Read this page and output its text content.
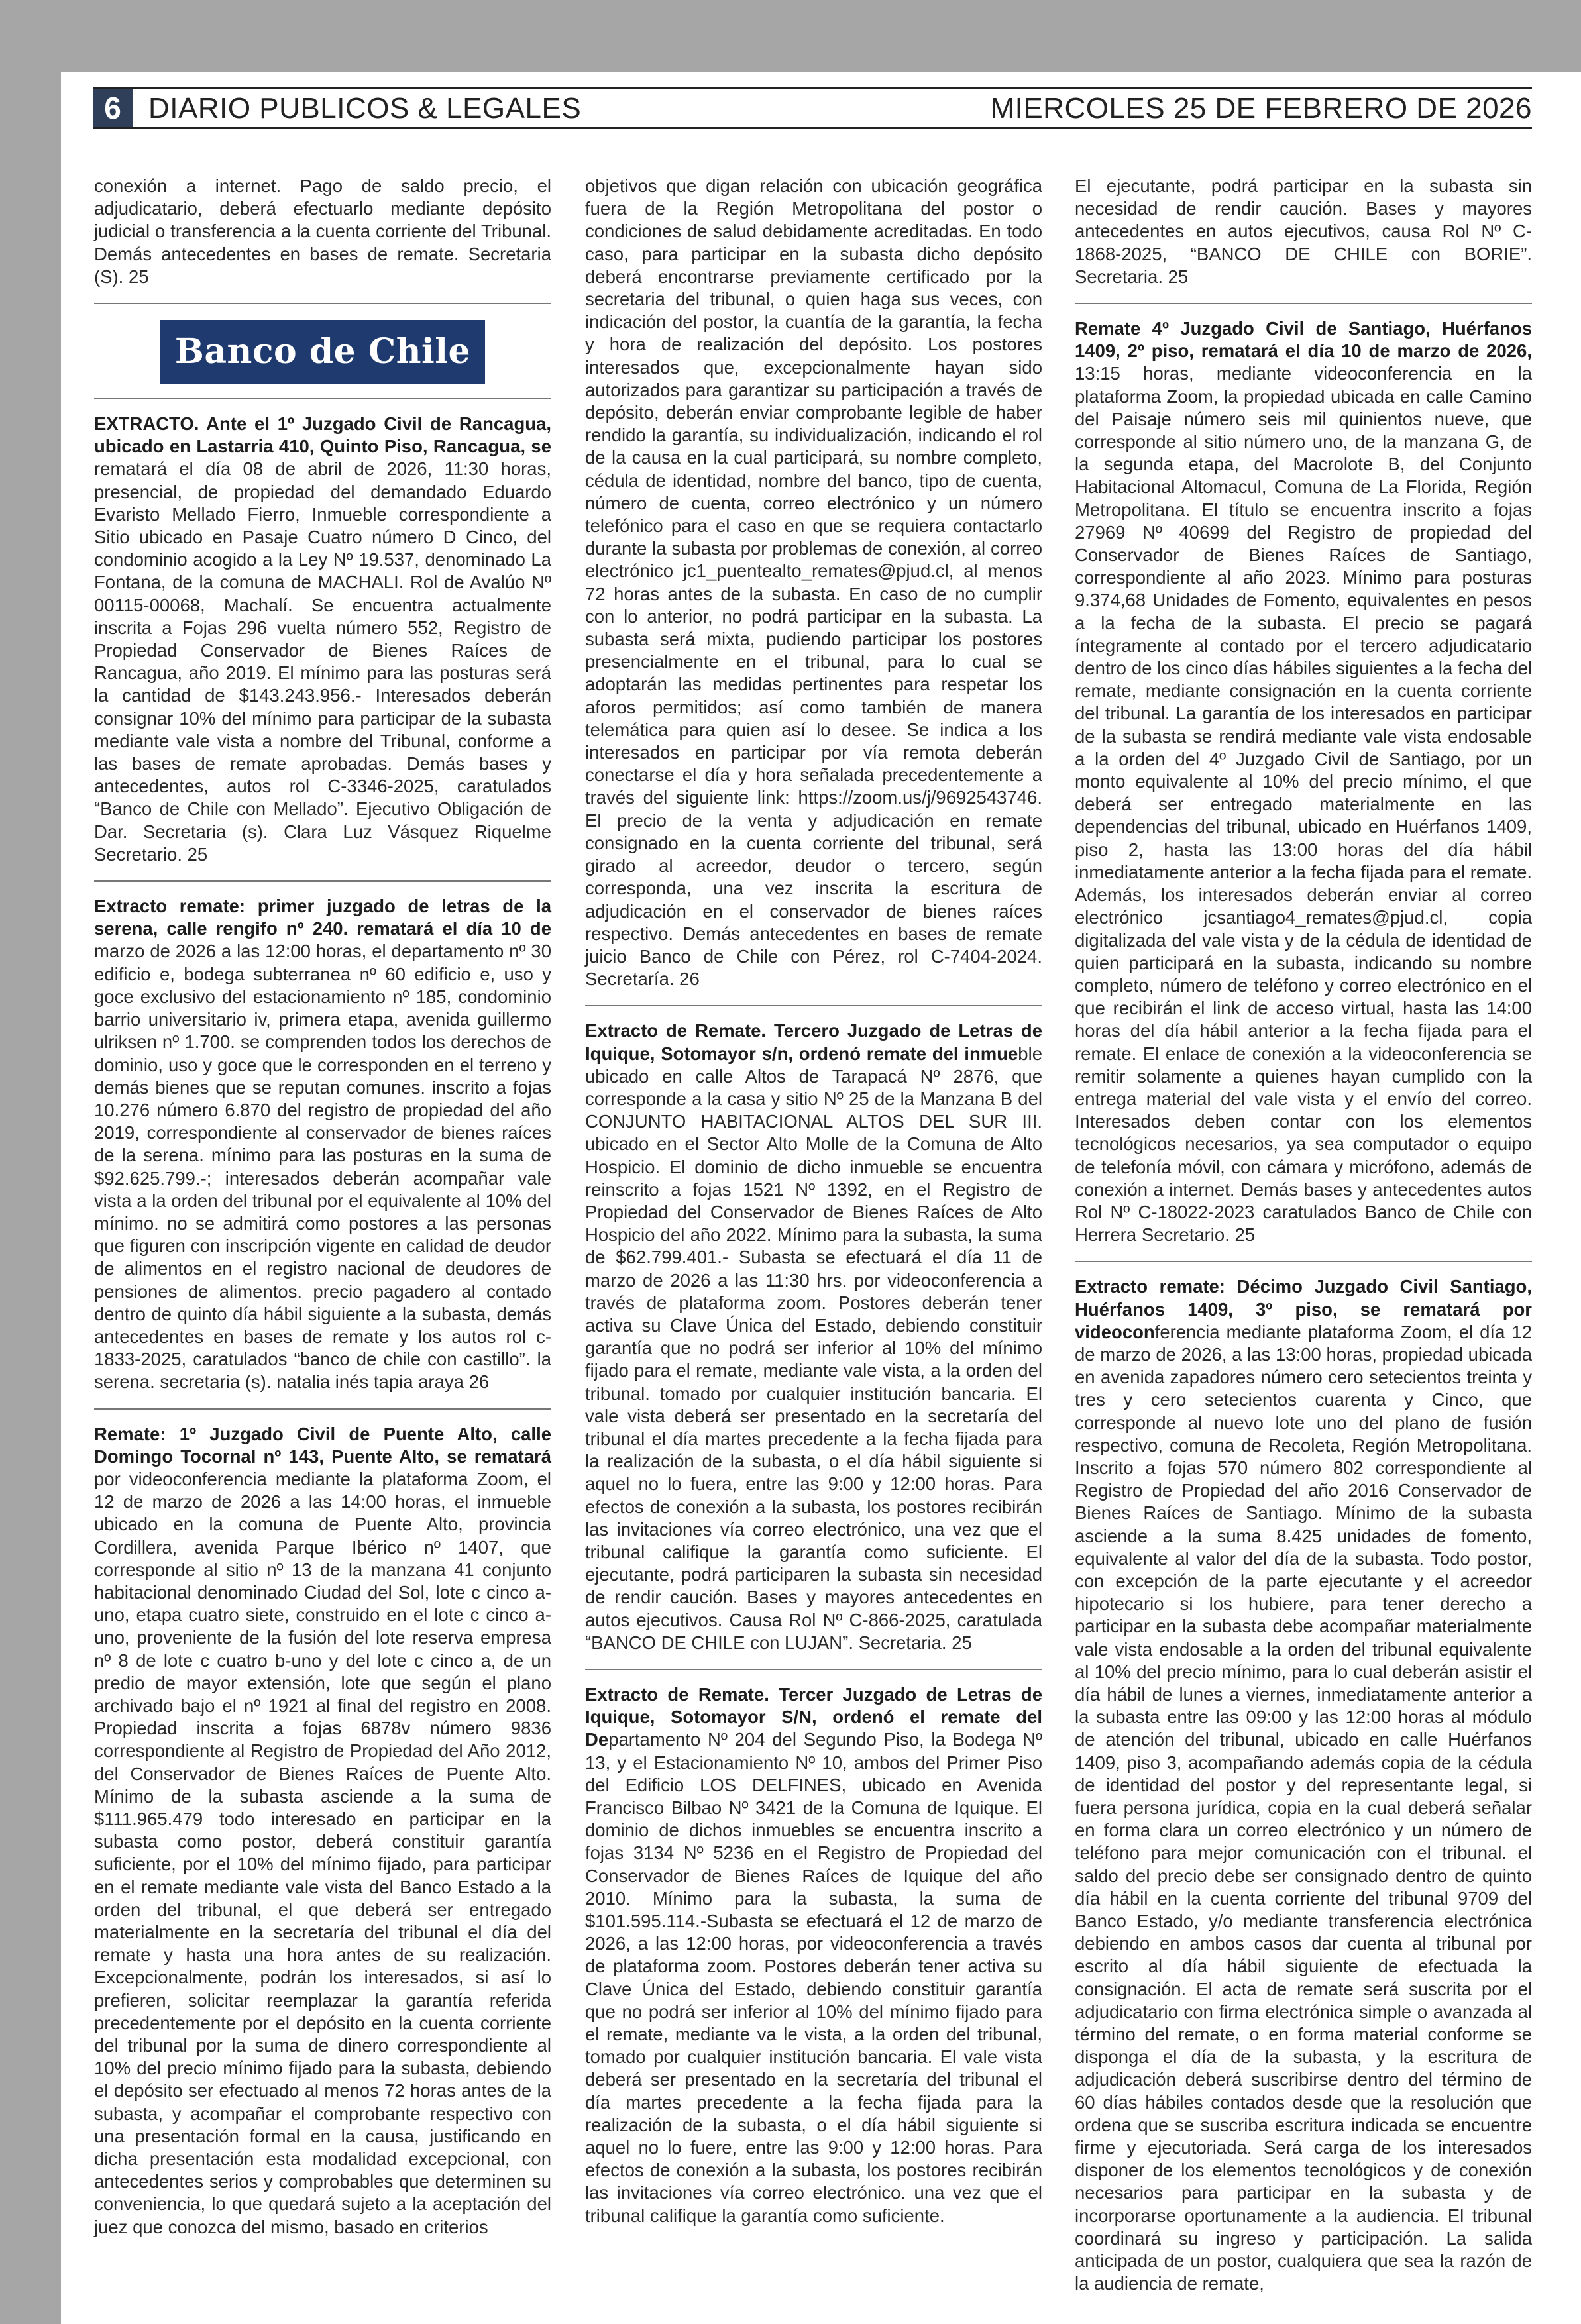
6 DIARIO PUBLICOS & LEGALES	MIERCOLES 25 DE FEBRERO DE 2026

conexión a internet. Pago de saldo precio, el adjudicatario, deberá efectuarlo mediante depósito judicial o transferencia a la cuenta corriente del Tribunal. Demás antecedentes en bases de remate. Secretaria (S). 25

Banco de Chile

EXTRACTO. Ante el 1º Juzgado Civil de Rancagua, ubicado en Lastarria 410, Quinto Piso, Rancagua, se rematará el día 08 de abril de 2026, 11:30 horas, presencial, de propiedad del demandado Eduardo Evaristo Mellado Fierro, Inmueble correspondiente a Sitio ubicado en Pasaje Cuatro número D Cinco, del condominio acogido a la Ley Nº 19.537, denominado La Fontana, de la comuna de MACHALI. Rol de Avalúo Nº 00115-00068, Machalí. Se encuentra actualmente inscrita a Fojas 296 vuelta número 552, Registro de Propiedad Conservador de Bienes Raíces de Rancagua, año 2019. El mínimo para las posturas será la cantidad de $143.243.956.- Interesados deberán consignar 10% del mínimo para participar de la subasta mediante vale vista a nombre del Tribunal, conforme a las bases de remate aprobadas. Demás bases y antecedentes, autos rol C-3346-2025, caratulados “Banco de Chile con Mellado”. Ejecutivo Obligación de Dar. Secretaria (s). Clara Luz Vásquez Riquelme Secretario. 25

Extracto remate: primer juzgado de letras de la serena, calle rengifo nº 240. rematará el día 10 de marzo de 2026 a las 12:00 horas, el departamento nº 30 edificio e, bodega subterranea nº 60 edificio e, uso y goce exclusivo del estacionamiento nº 185, condominio barrio universitario iv, primera etapa, avenida guillermo ulriksen nº 1.700. se comprenden todos los derechos de dominio, uso y goce que le corresponden en el terreno y demás bienes que se reputan comunes. inscrito a fojas 10.276 número 6.870 del registro de propiedad del año 2019, correspondiente al conservador de bienes raíces de la serena. mínimo para las posturas en la suma de $92.625.799.-; interesados deberán acompañar vale vista a la orden del tribunal por el equivalente al 10% del mínimo. no se admitirá como postores a las personas que figuren con inscripción vigente en calidad de deudor de alimentos en el registro nacional de deudores de pensiones de alimentos. precio pagadero al contado dentro de quinto día hábil siguiente a la subasta, demás antecedentes en bases de remate y los autos rol c-1833-2025, caratulados “banco de chile con castillo”. la serena. secretaria (s). natalia inés tapia araya 26

Remate: 1º Juzgado Civil de Puente Alto, calle Domingo Tocornal nº 143, Puente Alto, se rematará por videoconferencia mediante la plataforma Zoom, el 12 de marzo de 2026 a las 14:00 horas, el inmueble ubicado en la comuna de Puente Alto, provincia Cordillera, avenida Parque Ibérico nº 1407, que corresponde al sitio nº 13 de la manzana 41 conjunto habitacional denominado Ciudad del Sol, lote c cinco a-uno, etapa cuatro siete, construido en el lote c cinco a-uno, proveniente de la fusión del lote reserva empresa nº 8 de lote c cuatro b-uno y del lote c cinco a, de un predio de mayor extensión, lote que según el plano archivado bajo el nº 1921 al final del registro en 2008. Propiedad inscrita a fojas 6878v número 9836 correspondiente al Registro de Propiedad del Año 2012, del Conservador de Bienes Raíces de Puente Alto. Mínimo de la subasta asciende a la suma de $111.965.479 todo interesado en participar en la subasta como postor, deberá constituir garantía suficiente, por el 10% del mínimo fijado, para participar en el remate mediante vale vista del Banco Estado a la orden del tribunal, el que deberá ser entregado materialmente en la secretaría del tribunal el día del remate y hasta una hora antes de su realización. Excepcionalmente, podrán los interesados, si así lo prefieren, solicitar reemplazar la garantía referida precedentemente por el depósito en la cuenta corriente del tribunal por la suma de dinero correspondiente al 10% del precio mínimo fijado para la subasta, debiendo el depósito ser efectuado al menos 72 horas antes de la subasta, y acompañar el comprobante respectivo con una presentación formal en la causa, justificando en dicha presentación esta modalidad excepcional, con antecedentes serios y comprobables que determinen su conveniencia, lo que quedará sujeto a la aceptación del juez que conozca del mismo, basado en criterios

objetivos que digan relación con ubicación geográfica fuera de la Región Metropolitana del postor o condiciones de salud debidamente acreditadas. En todo caso, para participar en la subasta dicho depósito deberá encontrarse previamente certificado por la secretaria del tribunal, o quien haga sus veces, con indicación del postor, la cuantía de la garantía, la fecha y hora de realización del depósito. Los postores interesados que, excepcionalmente hayan sido autorizados para garantizar su participación a través de depósito, deberán enviar comprobante legible de haber rendido la garantía, su individualización, indicando el rol de la causa en la cual participará, su nombre completo, cédula de identidad, nombre del banco, tipo de cuenta, número de cuenta, correo electrónico y un número telefónico para el caso en que se requiera contactarlo durante la subasta por problemas de conexión, al correo electrónico jc1_puentealto_remates@pjud.cl, al menos 72 horas antes de la subasta. En caso de no cumplir con lo anterior, no podrá participar en la subasta. La subasta será mixta, pudiendo participar los postores presencialmente en el tribunal, para lo cual se adoptarán las medidas pertinentes para respetar los aforos permitidos; así como también de manera telemática para quien así lo desee. Se indica a los interesados en participar por vía remota deberán conectarse el día y hora señalada precedentemente a través del siguiente link: https://zoom.us/j/9692543746. El precio de la venta y adjudicación en remate consignado en la cuenta corriente del tribunal, será girado al acreedor, deudor o tercero, según corresponda, una vez inscrita la escritura de adjudicación en el conservador de bienes raíces respectivo. Demás antecedentes en bases de remate juicio Banco de Chile con Pérez, rol C-7404-2024. Secretaría. 26

Extracto de Remate. Tercero Juzgado de Letras de Iquique, Sotomayor s/n, ordenó remate del inmueble ubicado en calle Altos de Tarapacá Nº 2876, que corresponde a la casa y sitio Nº 25 de la Manzana B del CONJUNTO HABITACIONAL ALTOS DEL SUR III. ubicado en el Sector Alto Molle de la Comuna de Alto Hospicio. El dominio de dicho inmueble se encuentra reinscrito a fojas 1521 Nº 1392, en el Registro de Propiedad del Conservador de Bienes Raíces de Alto Hospicio del año 2022. Mínimo para la subasta, la suma de $62.799.401.- Subasta se efectuará el día 11 de marzo de 2026 a las 11:30 hrs. por videoconferencia a través de plataforma zoom. Postores deberán tener activa su Clave Única del Estado, debiendo constituir garantía que no podrá ser inferior al 10% del mínimo fijado para el remate, mediante vale vista, a la orden del tribunal. tomado por cualquier institución bancaria. El vale vista deberá ser presentado en la secretaría del tribunal el día martes precedente a la fecha fijada para la realización de la subasta, o el día hábil siguiente si aquel no lo fuera, entre las 9:00 y 12:00 horas. Para efectos de conexión a la subasta, los postores recibirán las invitaciones vía correo electrónico, una vez que el tribunal califique la garantía como suficiente. El ejecutante, podrá participaren la subasta sin necesidad de rendir caución. Bases y mayores antecedentes en autos ejecutivos. Causa Rol Nº C-866-2025, caratulada “BANCO DE CHILE con LUJAN”. Secretaria. 25

Extracto de Remate. Tercer Juzgado de Letras de Iquique, Sotomayor S/N, ordenó el remate del Departamento Nº 204 del Segundo Piso, la Bodega Nº 13, y el Estacionamiento Nº 10, ambos del Primer Piso del Edificio LOS DELFINES, ubicado en Avenida Francisco Bilbao Nº 3421 de la Comuna de Iquique. El dominio de dichos inmuebles se encuentra inscrito a fojas 3134 Nº 5236 en el Registro de Propiedad del Conservador de Bienes Raíces de Iquique del año 2010. Mínimo para la subasta, la suma de $101.595.114.-Subasta se efectuará el 12 de marzo de 2026, a las 12:00 horas, por videoconferencia a través de plataforma zoom. Postores deberán tener activa su Clave Única del Estado, debiendo constituir garantía que no podrá ser inferior al 10% del mínimo fijado para el remate, mediante va le vista, a la orden del tribunal, tomado por cualquier institución bancaria. El vale vista deberá ser presentado en la secretaría del tribunal el día martes precedente a la fecha fijada para la realización de la subasta, o el día hábil siguiente si aquel no lo fuere, entre las 9:00 y 12:00 horas. Para efectos de conexión a la subasta, los postores recibirán las invitaciones vía correo electrónico. una vez que el tribunal califique la garantía como suficiente.

El ejecutante, podrá participar en la subasta sin necesidad de rendir caución. Bases y mayores antecedentes en autos ejecutivos, causa Rol Nº C-1868-2025, “BANCO DE CHILE con BORIE”. Secretaria. 25

Remate 4º Juzgado Civil de Santiago, Huérfanos 1409, 2º piso, rematará el día 10 de marzo de 2026, 13:15 horas, mediante videoconferencia en la plataforma Zoom, la propiedad ubicada en calle Camino del Paisaje número seis mil quinientos nueve, que corresponde al sitio número uno, de la manzana G, de la segunda etapa, del Macrolote B, del Conjunto Habitacional Altomacul, Comuna de La Florida, Región Metropolitana. El título se encuentra inscrito a fojas 27969 Nº 40699 del Registro de propiedad del Conservador de Bienes Raíces de Santiago, correspondiente al año 2023. Mínimo para posturas 9.374,68 Unidades de Fomento, equivalentes en pesos a la fecha de la subasta. El precio se pagará íntegramente al contado por el tercero adjudicatario dentro de los cinco días hábiles siguientes a la fecha del remate, mediante consignación en la cuenta corriente del tribunal. La garantía de los interesados en participar de la subasta se rendirá mediante vale vista endosable a la orden del 4º Juzgado Civil de Santiago, por un monto equivalente al 10% del precio mínimo, el que deberá ser entregado materialmente en las dependencias del tribunal, ubicado en Huérfanos 1409, piso 2, hasta las 13:00 horas del día hábil inmediatamente anterior a la fecha fijada para el remate. Además, los interesados deberán enviar al correo electrónico jcsantiago4_remates@pjud.cl, copia digitalizada del vale vista y de la cédula de identidad de quien participará en la subasta, indicando su nombre completo, número de teléfono y correo electrónico en el que recibirán el link de acceso virtual, hasta las 14:00 horas del día hábil anterior a la fecha fijada para el remate. El enlace de conexión a la videoconferencia se remitir solamente a quienes hayan cumplido con la entrega material del vale vista y el envío del correo. Interesados deben contar con los elementos tecnológicos necesarios, ya sea computador o equipo de telefonía móvil, con cámara y micrófono, además de conexión a internet. Demás bases y antecedentes autos Rol Nº C-18022-2023 caratulados Banco de Chile con Herrera Secretario. 25

Extracto remate: Décimo Juzgado Civil Santiago, Huérfanos 1409, 3º piso, se rematará por videoconferencia mediante plataforma Zoom, el día 12 de marzo de 2026, a las 13:00 horas, propiedad ubicada en avenida zapadores número cero setecientos treinta y tres y cero setecientos cuarenta y Cinco, que corresponde al nuevo lote uno del plano de fusión respectivo, comuna de Recoleta, Región Metropolitana. Inscrito a fojas 570 número 802 correspondiente al Registro de Propiedad del año 2016 Conservador de Bienes Raíces de Santiago. Mínimo de la subasta asciende a la suma 8.425 unidades de fomento, equivalente al valor del día de la subasta. Todo postor, con excepción de la parte ejecutante y el acreedor hipotecario si los hubiere, para tener derecho a participar en la subasta debe acompañar materialmente vale vista endosable a la orden del tribunal equivalente al 10% del precio mínimo, para lo cual deberán asistir el día hábil de lunes a viernes, inmediatamente anterior a la subasta entre las 09:00 y las 12:00 horas al módulo de atención del tribunal, ubicado en calle Huérfanos 1409, piso 3, acompañando además copia de la cédula de identidad del postor y del representante legal, si fuera persona jurídica, copia en la cual deberá señalar en forma clara un correo electrónico y un número de teléfono para mejor comunicación con el tribunal. el saldo del precio debe ser consignado dentro de quinto día hábil en la cuenta corriente del tribunal 9709 del Banco Estado, y/o mediante transferencia electrónica debiendo en ambos casos dar cuenta al tribunal por escrito al día hábil siguiente de efectuada la consignación. El acta de remate será suscrita por el adjudicatario con firma electrónica simple o avanzada al término del remate, o en forma material conforme se disponga el día de la subasta, y la escritura de adjudicación deberá suscribirse dentro del término de 60 días hábiles contados desde que la resolución que ordena que se suscriba escritura indicada se encuentre firme y ejecutoriada. Será carga de los interesados disponer de los elementos tecnológicos y de conexión necesarios para participar en la subasta y de incorporarse oportunamente a la audiencia. El tribunal coordinará su ingreso y participación. La salida anticipada de un postor, cualquiera que sea la razón de la audiencia de remate,
